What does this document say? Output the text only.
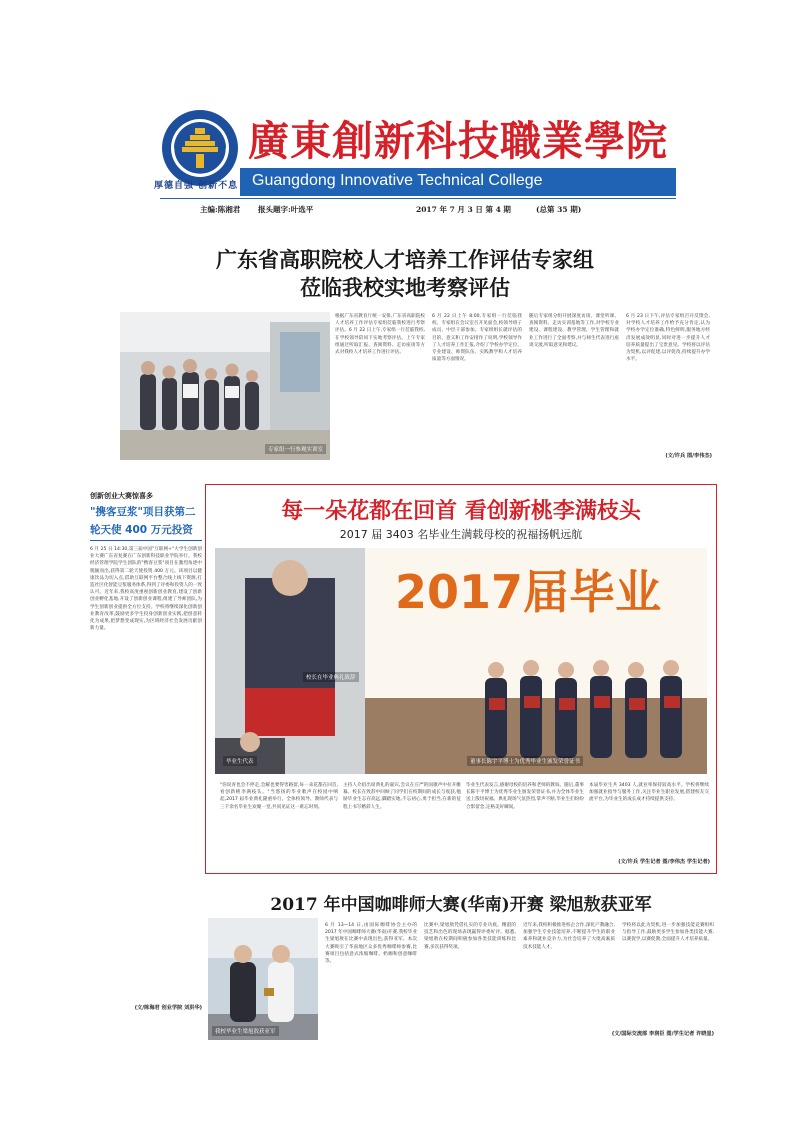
厚德自强 创新不息
廣東創新科技職業學院
Guangdong Innovative Technical College
主编:陈湘君 报头题字:叶选平	2017 年 7 月 3 日 第 4 期	(总第 35 期)
广东省高职院校人才培养工作评估专家组
莅临我校实地考察评估
专家组一行参观实训室
根据广东省教育厅统一安排,广东省高职院校人才培养工作评估专家组莅临我校进行考察评估。6 月 22 日上午,专家组一行莅临我校,在学校领导陪同下实地考察评估。上午专家组通过听取汇报、查阅资料、走访座谈等方式对我校人才培养工作进行评估。
6 月 22 日上午 8:00,专家组一行莅临我校。专家组在会议室召开见面会,校领导班子成员、中层干部参加。专家组组长就评估的目的、意义和工作安排作了说明,学校领导作了人才培养工作汇报,介绍了学校办学定位、专业建设、师资队伍、实践教学和人才培养质量等方面情况。
随后专家组分组开展深度访谈、课堂听课、查阅资料、走访实训基地等工作,对学校专业建设、课程建设、教学管理、学生管理和就业工作进行了全面考察,并与师生代表进行座谈交流,听取意见和建议。
6 月 23 日下午,评估专家组召开反馈会,对学校人才培养工作给予充分肯定,认为学校办学定位准确,特色鲜明,服务地方经济发展成效明显,同时对进一步提升人才培养质量提出了宝贵意见。学校将以评估为契机,以评促建,以评促改,持续提升办学水平。
(文/许兵 图/李伟杰)
创新创业大赛惊喜多
"携客豆浆"项目获第二
轮天使 400 万元投资
6 月 25 日 14:30,第三届中国"互联网+"大学生创新创业大赛广东省复赛在广东创新科技职业学院举行。我校经济管理学院学生团队的"携客豆浆"项目在激烈角逐中脱颖而出,获得第二轮天使投资 400 万元。该项目以健康饮品为切入点,借助互联网平台整合线上线下资源,打造社区化智能豆浆服务体系,得到了评委和投资人的一致认可。近年来,我校高度重视创新创业教育,建设了创新创业孵化基地,开设了创新创业课程,组建了导师团队,为学生创新创业提供全方位支持。学校将继续深化创新创业教育改革,鼓励更多学生投身创新创业实践,把创意转化为成果,把梦想变成现实,为区域经济社会发展贡献创新力量。
(文/陈海君 创业学院 刘洪华)
每一朵花都在回首 看创新桃李满枝头
2017 届 3403 名毕业生满载母校的祝福扬帆远航
2017届毕业
校长在毕业典礼致辞
毕业生代表	董事长陈宇平博士为优秀毕业生颁发荣誉证书
"你说青也会不停走,会解也要得害路留,每一朵花都在回首,看创新桃李满枝头。"当悠扬的毕业歌声在校园中响起,2017 届毕业典礼隆重举行。全体校领导、教师代表与三千余名毕业生欢聚一堂,共同见证这一难忘时刻。
主持人介绍出席典礼的嘉宾,会议在庄严的国歌声中拉开帷幕。校长在致辞中回顾了同学们在校期间的成长与收获,勉励毕业生志存高远,脚踏实地,不忘初心,勇于担当,在新的征程上书写精彩人生。
毕业生代表发言,感谢母校的培养和老师的教诲。随后,董事长陈宇平博士为优秀毕业生颁发荣誉证书,并为全体毕业生送上殷切祝福。典礼现场气氛热烈,掌声不断,毕业生们纷纷合影留念,定格美好瞬间。
本届毕业生共 3403 人,就业率保持较高水平。学校将继续加强就业指导与服务工作,关注毕业生职业发展,搭建校友交流平台,为毕业生的成长成才持续提供支持。
(文/许兵 学生记者 图/李伟杰 学生记者)
2017 年中国咖啡师大赛(华南)开赛 梁旭敖获亚军
我校毕业生梁旭敖获亚军
6 月 13—14 日,由国际咖啡协会主办的 2017 年中国咖啡师大赛(华南)开赛,我校毕业生梁旭敖在比赛中表现出色,获得亚军。本次大赛吸引了华南地区众多优秀咖啡师参赛,比赛项目包括意式浓缩咖啡、奶咖和创意咖啡等。
比赛中,梁旭敖凭借扎实的专业功底、精湛的技艺和出色的现场表现赢得评委好评。据悉,梁旭敖在校期间积极参加各类技能训练和比赛,多次获得奖项。
近年来,我校积极推进校企合作,深化产教融合,加强学生专业技能培养,不断提升学生的职业素养和就业竞争力,为社会培养了大批高素质技术技能人才。
学校将以此为契机,进一步加强技能竞赛组织与指导工作,鼓励更多学生参加各类技能大赛,以赛促学,以赛促教,全面提升人才培养质量。
(文/国际交流部 李润臣 图/学生记者 许晓星)
